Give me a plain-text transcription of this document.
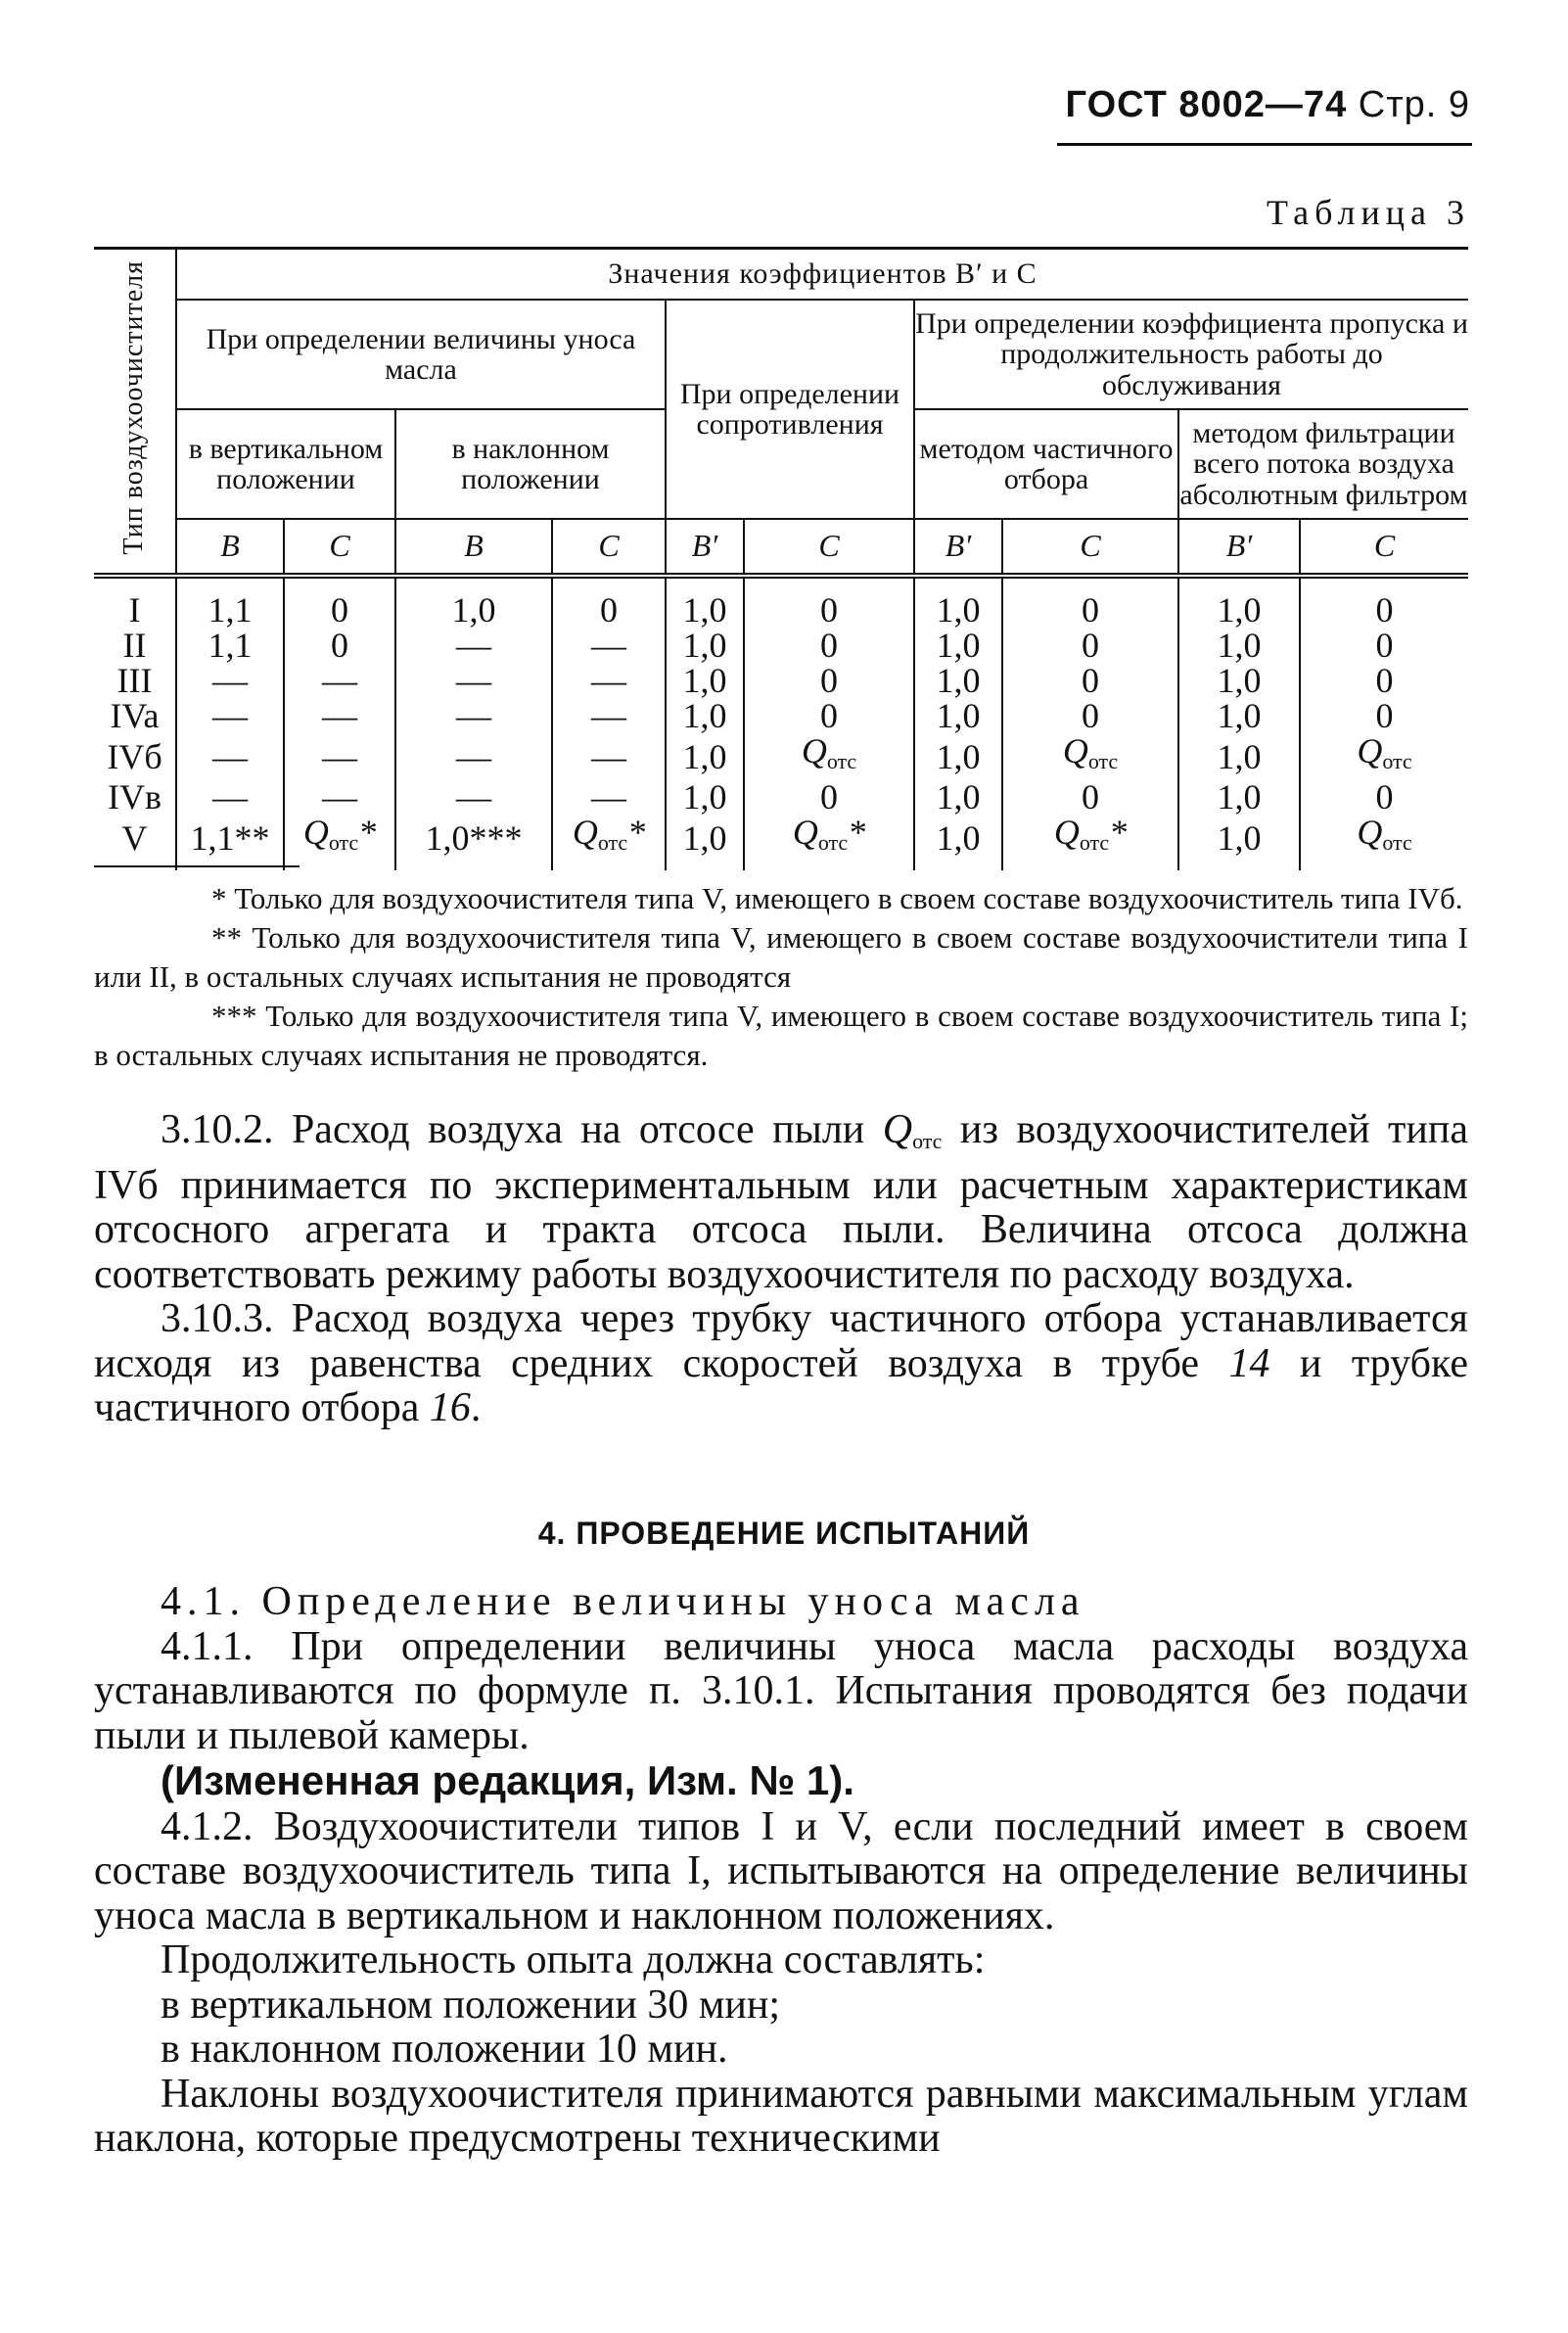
ГОСТ 8002—74 Стр. 9
Таблица 3
Тип воздухоочистителя	Значения коэффициентов B′ и C									
	При определении величины уноса масла				При определении сопротивления		При определении коэффициента пропуска и продолжительность работы до обслуживания			
	в вертикальном положении		в наклонном положении				методом частичного отбора		методом фильтрации всего потока воздуха абсолютным фильтром	
	B	C	B	C	B′	C	B′	C	B′	C
I	1,1	0	1,0	0	1,0	0	1,0	0	1,0	0
II	1,1	0	—	—	1,0	0	1,0	0	1,0	0
III	—	—	—	—	1,0	0	1,0	0	1,0	0
IVa	—	—	—	—	1,0	0	1,0	0	1,0	0
IVб	—	—	—	—	1,0	$Q_{отс}$	1,0	$Q_{отс}$	1,0	$Q_{отс}$
IVв	—	—	—	—	1,0	0	1,0	0	1,0	0
V	1,1**	$Q_{отс}*$	1,0***	$Q_{отс}*$	1,0	$Q_{отс}*$	1,0	$Q_{отс}*$	1,0	$Q_{отс}$

* Только для воздухоочистителя типа V, имеющего в своем составе воздухоочиститель типа IVб.

** Только для воздухоочистителя типа V, имеющего в своем составе воздухоочистители типа I или II, в остальных случаях испытания не проводятся

*** Только для воздухоочистителя типа V, имеющего в своем составе воздухоочиститель типа I; в остальных случаях испытания не проводятся.

3.10.2. Расход воздуха на отсосе пыли $Q_{отс}$ из воздухоочистителей типа IVб принимается по экспериментальным или расчетным характеристикам отсосного агрегата и тракта отсоса пыли. Величина отсоса должна соответствовать режиму работы воздухоочистителя по расходу воздуха.

3.10.3. Расход воздуха через трубку частичного отбора устанавливается исходя из равенства средних скоростей воздуха в трубе 14 и трубке частичного отбора 16.

4. ПРОВЕДЕНИЕ ИСПЫТАНИЙ

4.1. Определение величины уноса масла

4.1.1. При определении величины уноса масла расходы воздуха устанавливаются по формуле п. 3.10.1. Испытания проводятся без подачи пыли и пылевой камеры.

(Измененная редакция, Изм. № 1).

4.1.2. Воздухоочистители типов I и V, если последний имеет в своем составе воздухоочиститель типа I, испытываются на определение величины уноса масла в вертикальном и наклонном положениях.

Продолжительность опыта должна составлять:

в вертикальном положении 30 мин;

в наклонном положении 10 мин.

Наклоны воздухоочистителя принимаются равными максимальным углам наклона, которые предусмотрены техническими
